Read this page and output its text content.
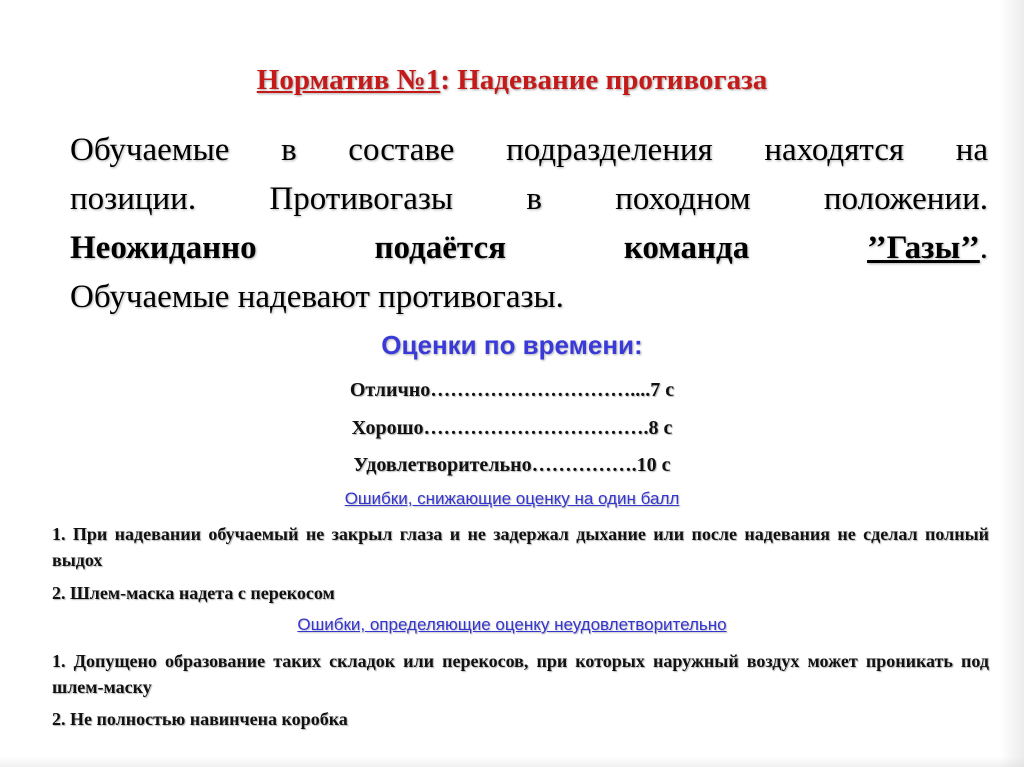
Норматив №1: Надевание противогаза
Обучаемые в составе подразделения находятся на
позиции. Противогазы в походном положении.
Неожиданно подаётся команда ’’Газы’’.
Обучаемые надевают противогазы.
Оценки по времени:
Отлично…………………………....7 с
Хорошо…………………………….8 с
Удовлетворительно…………….10 с
Ошибки, снижающие оценку на один балл
1. При надевании обучаемый не закрыл глаза и не задержал дыхание или после надевания не сделал полный выдох
2. Шлем-маска надета с перекосом
Ошибки, определяющие оценку неудовлетворительно
1. Допущено образование таких складок или перекосов, при которых наружный воздух может проникать под шлем-маску
2. Не полностью навинчена коробка
